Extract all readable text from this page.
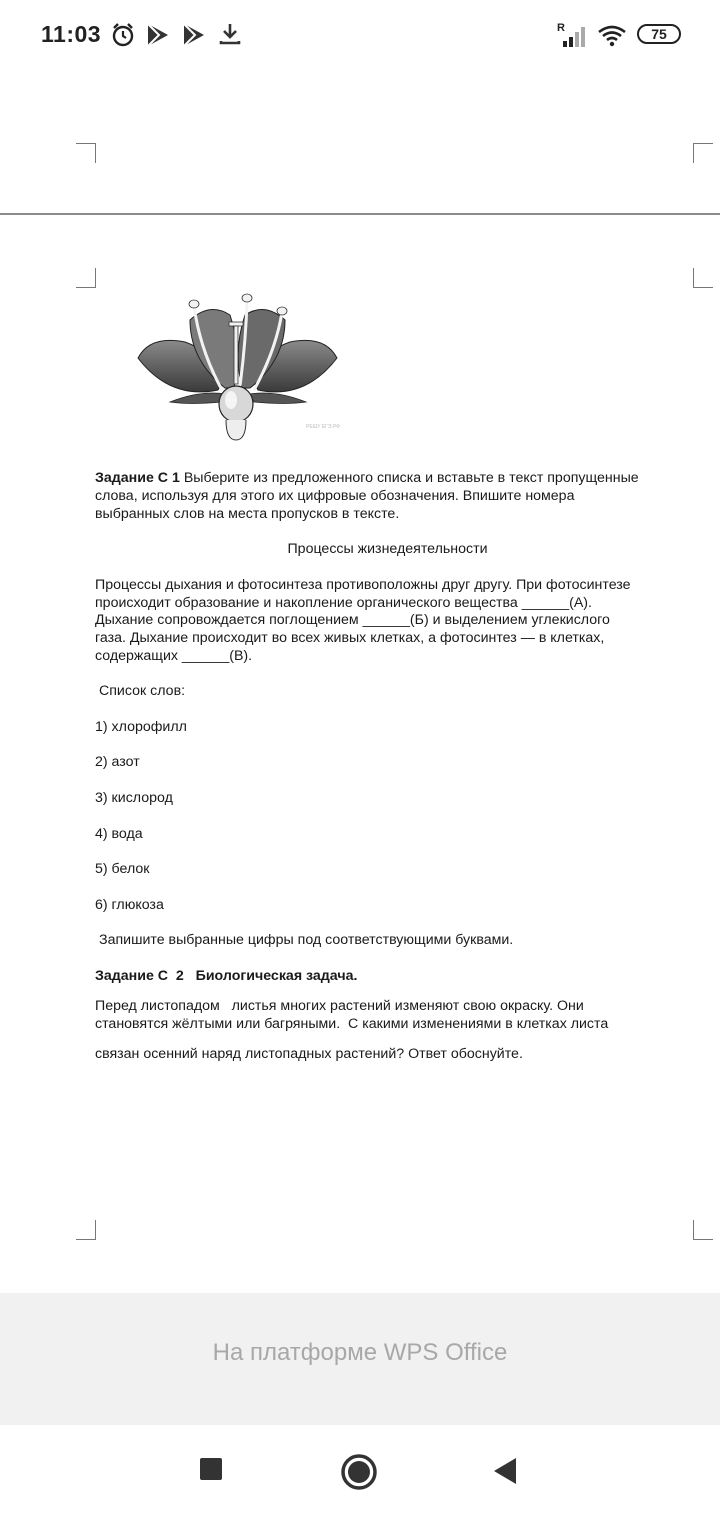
11:03	R	75
РЕШУ ЕГЭ.РФ

Задание С 1 Выберите из предложенного списка и вставьте в текст пропущенные

слова, используя для этого их цифровые обозначения. Впишите номера

выбранных слов на места пропусков в тексте.

Процессы жизнедеятельности

Процессы дыхания и фотосинтеза противоположны друг другу. При фотосинтезе

происходит образование и накопление органического вещества ______(А).

Дыхание сопровождается поглощением ______(Б) и выделением углекислого

газа. Дыхание происходит во всех живых клетках, а фотосинтез — в клетках,

содержащих ______(В).

Список слов:

1) хлорофилл

2) азот

3) кислород

4) вода

5) белок

6) глюкоза

Запишите выбранные цифры под соответствующими буквами.

Задание С  2   Биологическая задача.

Перед листопадом   листья многих растений изменяют свою окраску. Они

становятся жёлтыми или багряными.  С какими изменениями в клетках листа

связан осенний наряд листопадных растений? Ответ обоснуйте.

На платформе WPS Office
